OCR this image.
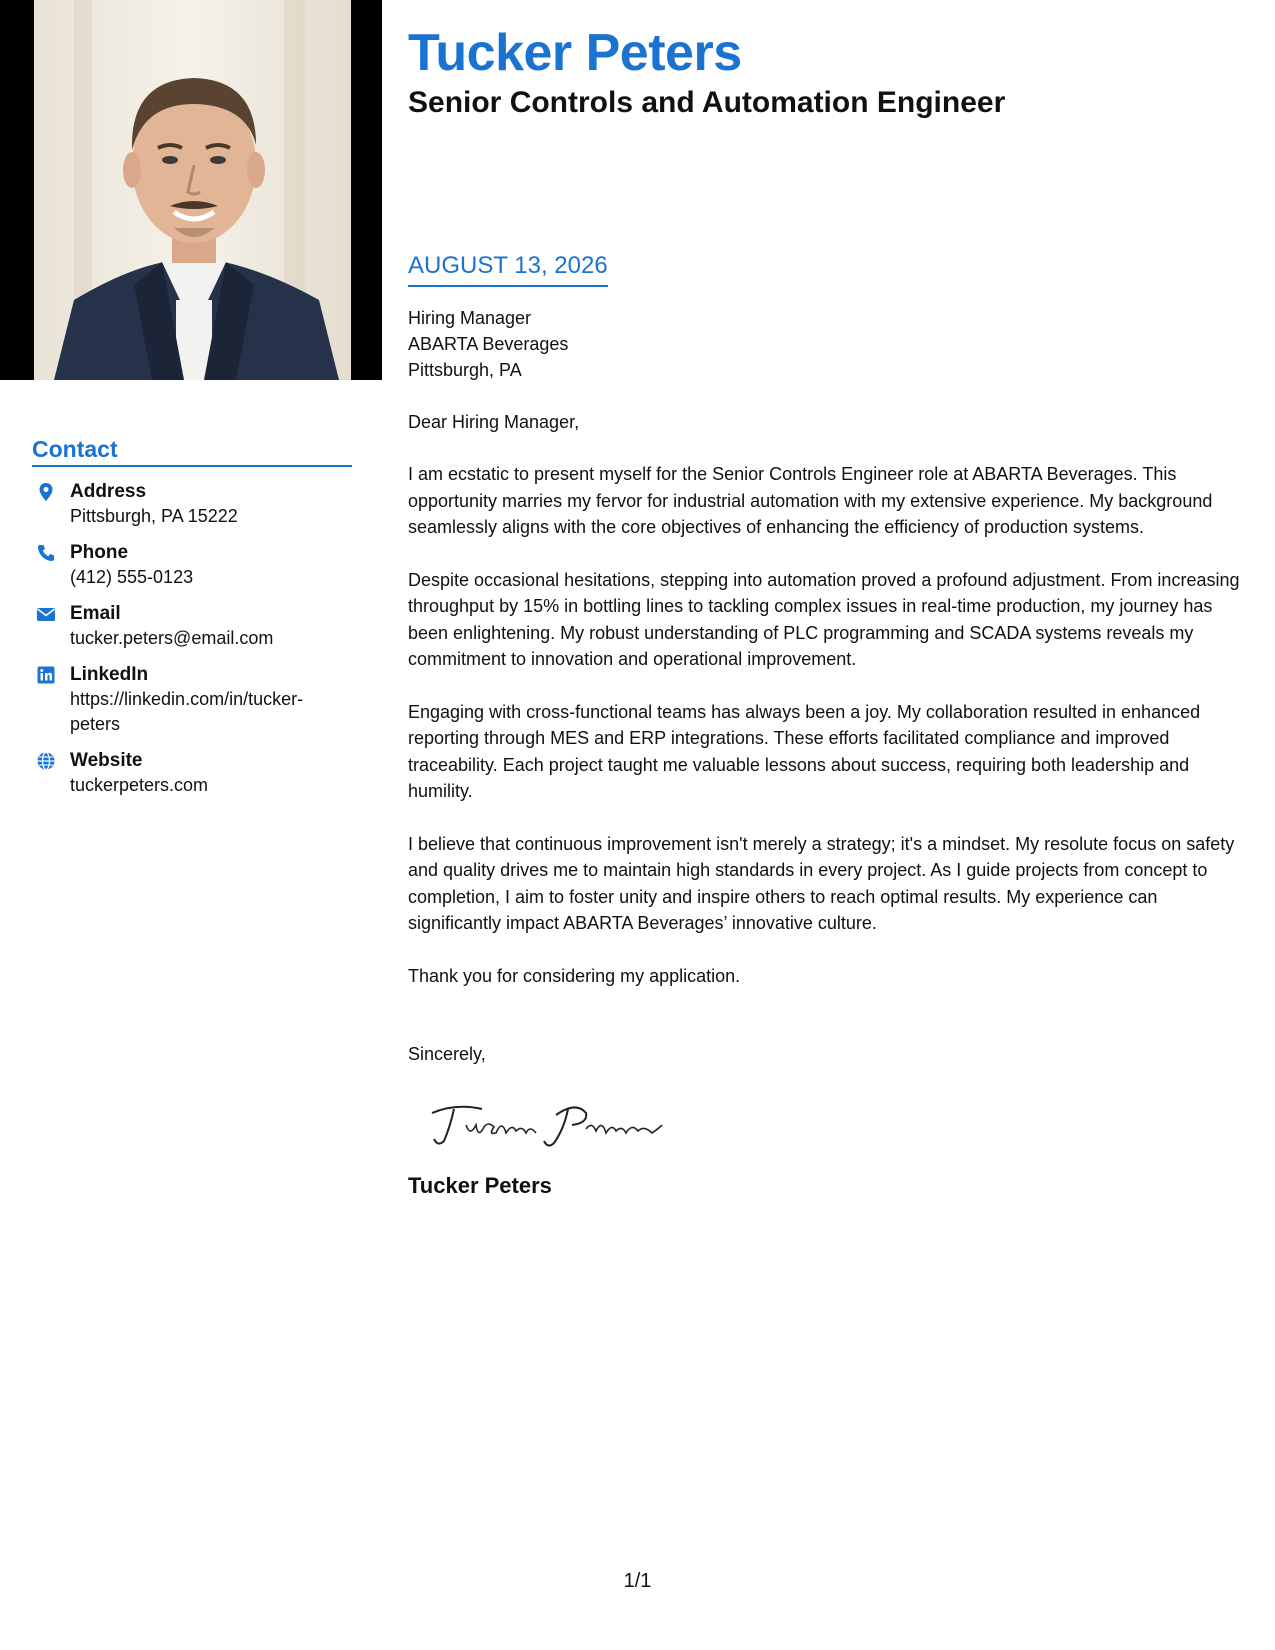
Contact
Address
Pittsburgh, PA 15222
Phone
(412) 555-0123
Email
tucker.peters@email.com
LinkedIn
https://linkedin.com/in/tucker-peters
Website
tuckerpeters.com
Tucker Peters
Senior Controls and Automation Engineer
AUGUST 13, 2026
Hiring Manager
ABARTA Beverages
Pittsburgh, PA
Dear Hiring Manager,
I am ecstatic to present myself for the Senior Controls Engineer role at ABARTA Beverages. This opportunity marries my fervor for industrial automation with my extensive experience. My background seamlessly aligns with the core objectives of enhancing the efficiency of production systems.
Despite occasional hesitations, stepping into automation proved a profound adjustment. From increasing throughput by 15% in bottling lines to tackling complex issues in real-time production, my journey has been enlightening. My robust understanding of PLC programming and SCADA systems reveals my commitment to innovation and operational improvement.
Engaging with cross-functional teams has always been a joy. My collaboration resulted in enhanced reporting through MES and ERP integrations. These efforts facilitated compliance and improved traceability. Each project taught me valuable lessons about success, requiring both leadership and humility.
I believe that continuous improvement isn't merely a strategy; it's a mindset. My resolute focus on safety and quality drives me to maintain high standards in every project. As I guide projects from concept to completion, I aim to foster unity and inspire others to reach optimal results. My experience can significantly impact ABARTA Beverages’ innovative culture.
Thank you for considering my application.
Sincerely,
Tucker Peters
1/1
